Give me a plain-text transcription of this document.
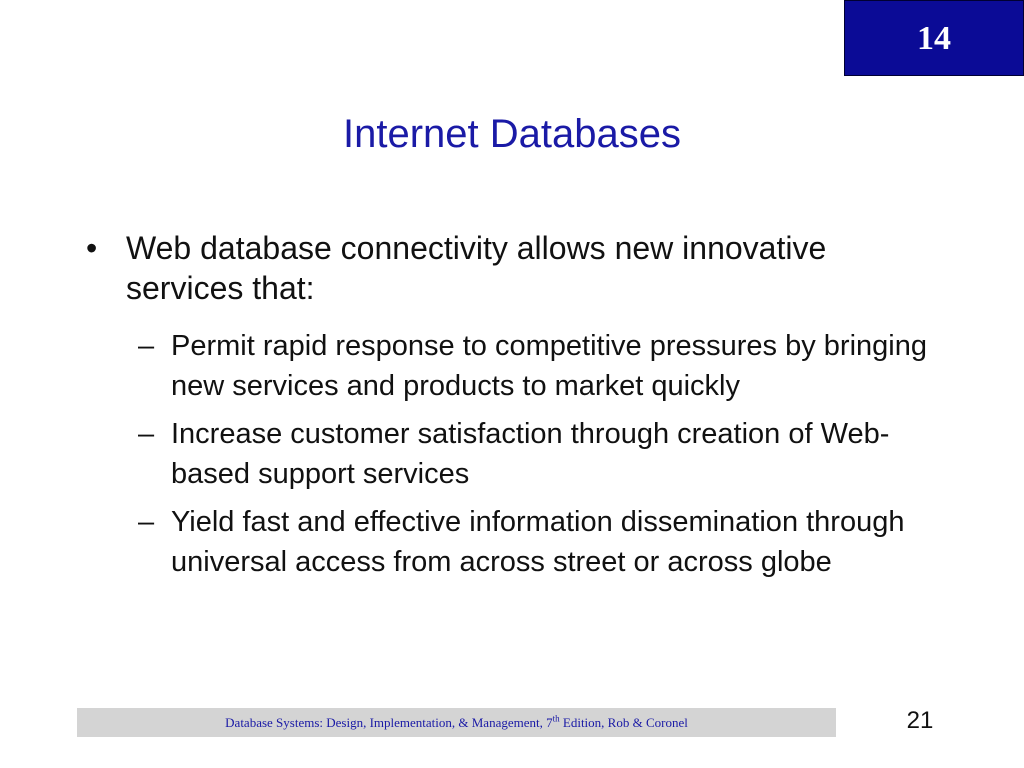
14
Internet Databases
• Web database connectivity allows new innovative services that:
– Permit rapid response to competitive pressures by bringing new services and products to market quickly
– Increase customer satisfaction through creation of Web-based support services
– Yield fast and effective information dissemination through universal access from across street or across globe
Database Systems: Design, Implementation, & Management, 7th Edition, Rob & Coronel	21
